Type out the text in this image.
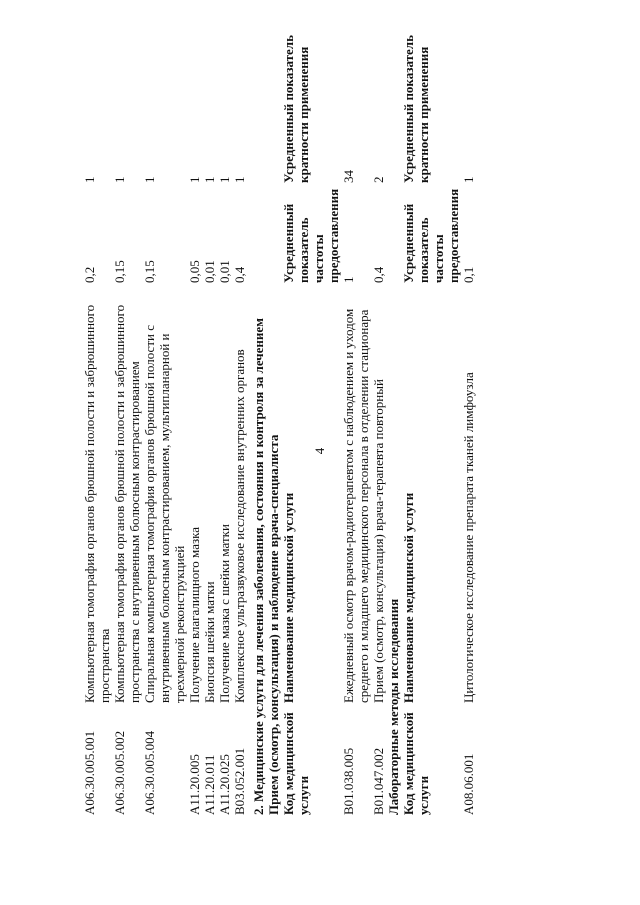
4
A06.30.005.001	Компьютерная томография органов брюшной полости и забрюшинного пространства	0,2	1
A06.30.005.002	Компьютерная томография органов брюшной полости и забрюшинного пространства с внутривенным болюсным контрастированием	0,15	1
A06.30.005.004	Спиральная компьютерная томография органов брюшной полости с внутривенным болюсным контрастированием, мультипланарной и трехмерной реконструкцией	0,15	1
A11.20.005	Получение влагалищного мазка	0,05	1
A11.20.011	Биопсия шейки матки	0,01	1
A11.20.025	Получение мазка с шейки матки	0,01	1
B03.052.001	Комплексное ультразвуковое исследование внутренних органов	0,4	1
2. Медицинские услуги для лечения заболевания, состояния и контроля за лечением Прием (осмотр, консультация) и наблюдение врача-специалиста Код медицинской услуги	Наименование медицинской услуги	Усредненный показатель частоты предоставления	Усредненный показатель кратности применения
B01.038.005	Ежедневный осмотр врачом-радиотерапевтом с наблюдением и уходом среднего и младшего медицинского персонала в отделении стационара	1	34
B01.047.002	Прием (осмотр, консультация) врача-терапевта повторный	0,4	2
Лабораторные методы исследования Код медицинской услуги	Наименование медицинской услуги	Усредненный показатель частоты предоставления	Усредненный показатель кратности применения
A08.06.001	Цитологическое исследование препарата тканей лимфоузла	0,1	1
